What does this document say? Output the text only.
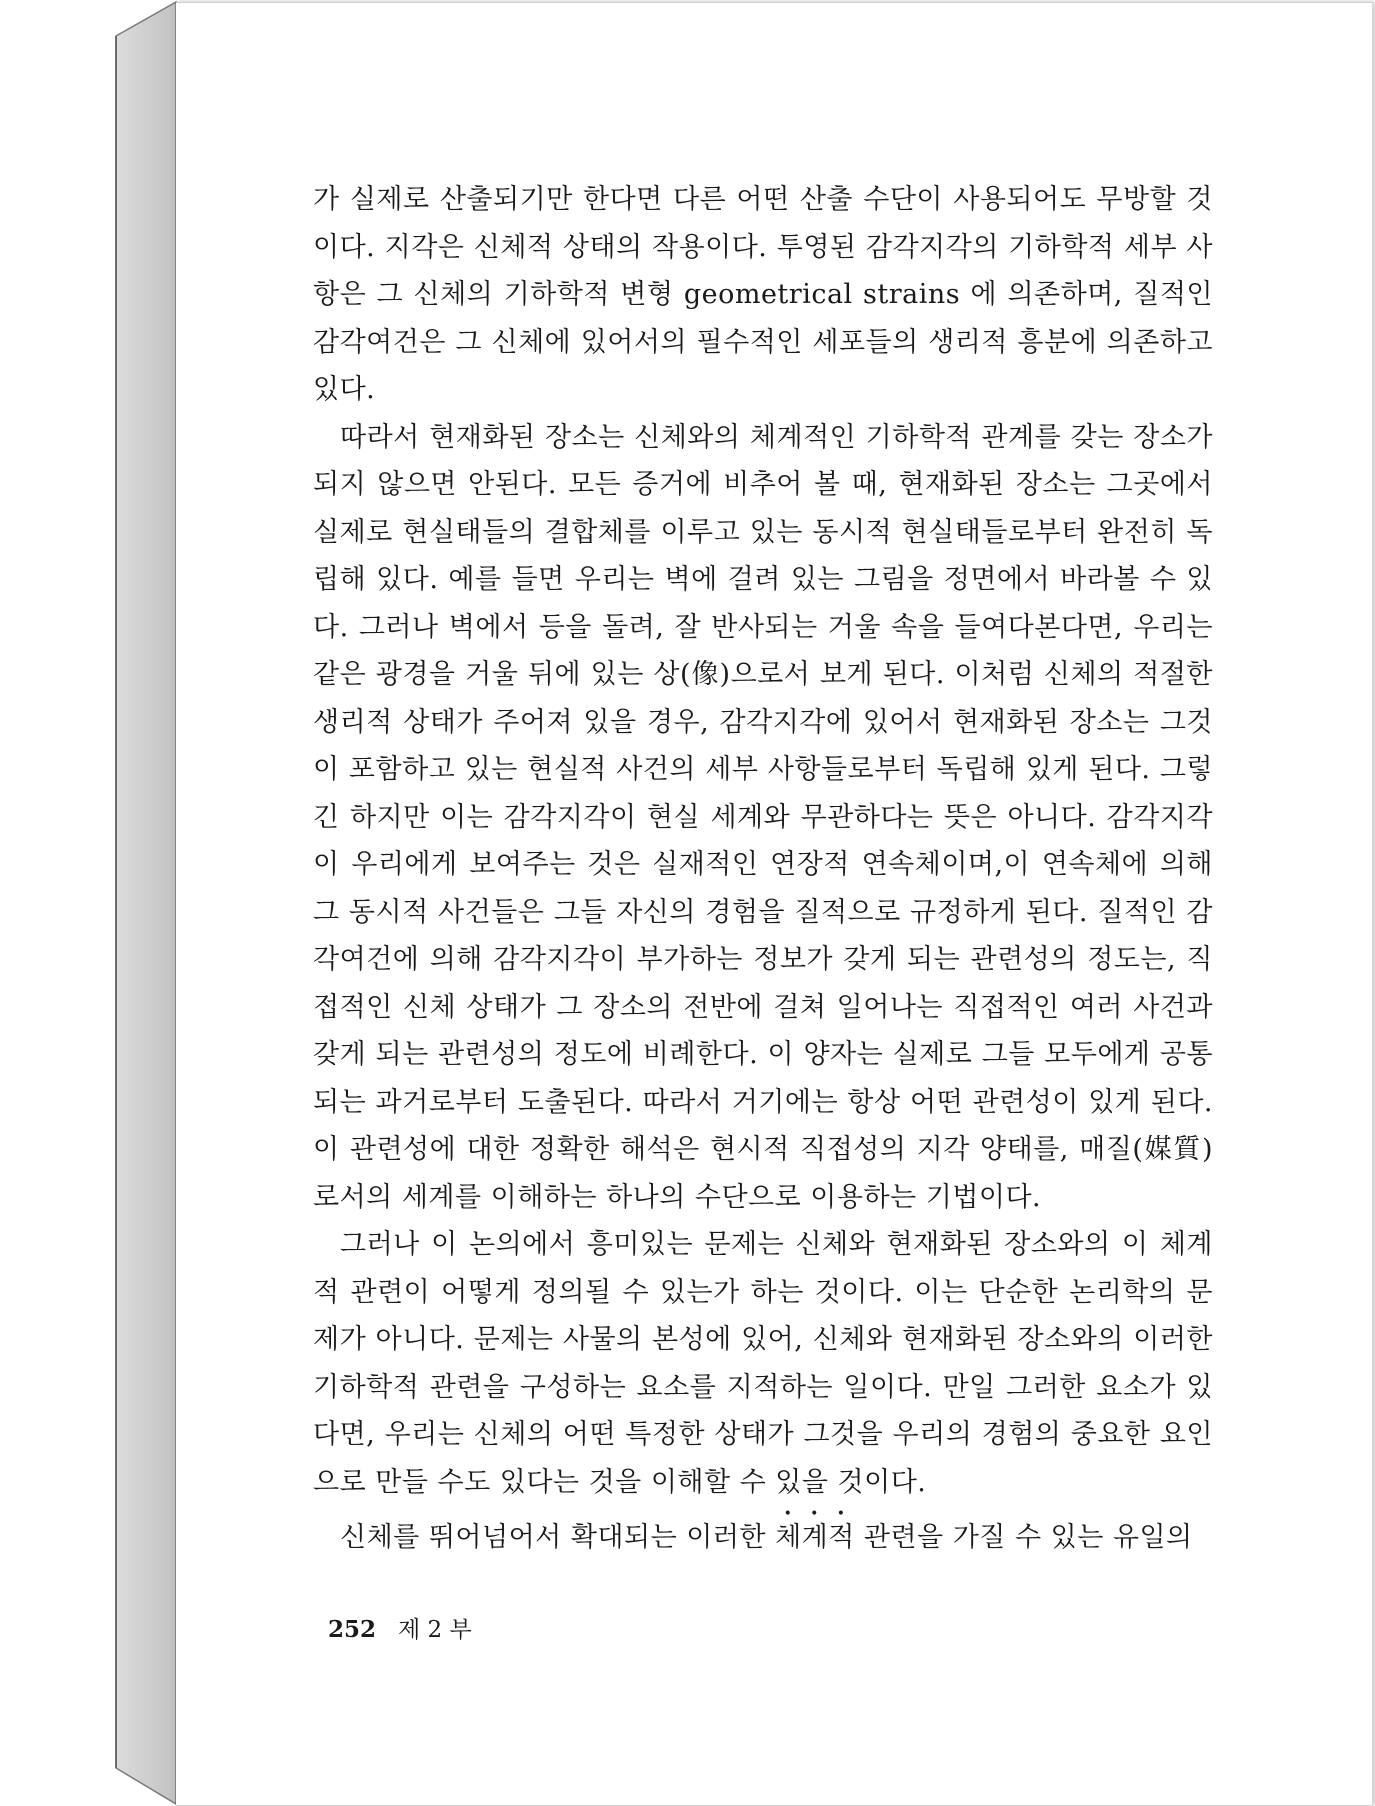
가 실제로 산출되기만 한다면 다른 어떤 산출 수단이 사용되어도 무방할 것이다. 지각은 신체적 상태의 작용이다. 투영된 감각지각의 기하학적 세부 사항은 그 신체의 기하학적 변형 geometrical strains 에 의존하며, 질적인 감각여건은 그 신체에 있어서의 필수적인 세포들의 생리적 흥분에 의존하고 있다.

따라서 현재화된 장소는 신체와의 체계적인 기하학적 관계를 갖는 장소가 되지 않으면 안된다. 모든 증거에 비추어 볼 때, 현재화된 장소는 그곳에서 실제로 현실태들의 결합체를 이루고 있는 동시적 현실태들로부터 완전히 독립해 있다. 예를 들면 우리는 벽에 걸려 있는 그림을 정면에서 바라볼 수 있다. 그러나 벽에서 등을 돌려, 잘 반사되는 거울 속을 들여다본다면, 우리는 같은 광경을 거울 뒤에 있는 상(像)으로서 보게 된다. 이처럼 신체의 적절한 생리적 상태가 주어져 있을 경우, 감각지각에 있어서 현재화된 장소는 그것이 포함하고 있는 현실적 사건의 세부 사항들로부터 독립해 있게 된다. 그렇긴 하지만 이는 감각지각이 현실 세계와 무관하다는 뜻은 아니다. 감각지각이 우리에게 보여주는 것은 실재적인 연장적 연속체이며,이 연속체에 의해 그 동시적 사건들은 그들 자신의 경험을 질적으로 규정하게 된다. 질적인 감각여건에 의해 감각지각이 부가하는 정보가 갖게 되는 관련성의 정도는, 직접적인 신체 상태가 그 장소의 전반에 걸쳐 일어나는 직접적인 여러 사건과 갖게 되는 관련성의 정도에 비례한다. 이 양자는 실제로 그들 모두에게 공통되는 과거로부터 도출된다. 따라서 거기에는 항상 어떤 관련성이 있게 된다. 이 관련성에 대한 정확한 해석은 현시적 직접성의 지각 양태를, 매질(媒質)로서의 세계를 이해하는 하나의 수단으로 이용하는 기법이다.

그러나 이 논의에서 흥미있는 문제는 신체와 현재화된 장소와의 이 체계적 관련이 어떻게 정의될 수 있는가 하는 것이다. 이는 단순한 논리학의 문제가 아니다. 문제는 사물의 본성에 있어, 신체와 현재화된 장소와의 이러한 기하학적 관련을 구성하는 요소를 지적하는 일이다. 만일 그러한 요소가 있다면, 우리는 신체의 어떤 특정한 상태가 그것을 우리의 경험의 중요한 요인으로 만들 수도 있다는 것을 이해할 수 있을 것이다.

신체를 뛰어넘어서 확대되는 이러한 체계적 관련을 가질 수 있는 유일의

252 제 2 부
